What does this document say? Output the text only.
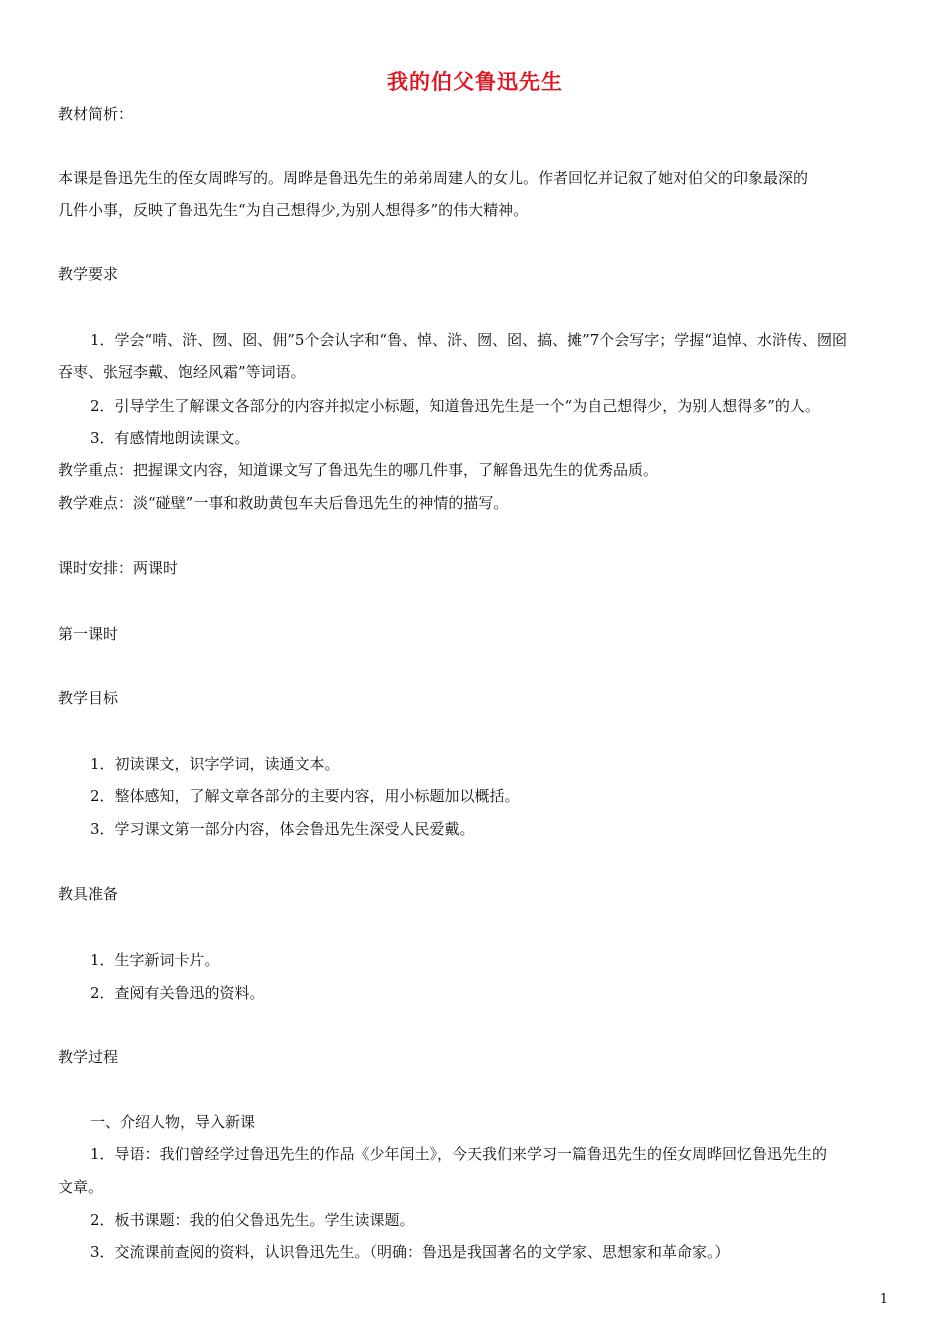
我的伯父鲁迅先生
教材简析：
本课是鲁迅先生的侄女周晔写的。周晔是鲁迅先生的弟弟周建人的女儿。作者回忆并记叙了她对伯父的印象最深的
几件小事，反映了鲁迅先生“为自己想得少,为别人想得多”的伟大精神。
教学要求
1．学会“啃、浒、囫、囵、佣”5个会认字和“鲁、悼、浒、囫、囵、搞、摊”7个会写字；学握“追悼、水浒传、囫囵
吞枣、张冠李戴、饱经风霜”等词语。
2．引导学生了解课文各部分的内容并拟定小标题，知道鲁迅先生是一个“为自己想得少，为别人想得多”的人。
3．有感情地朗读课文。
教学重点：把握课文内容，知道课文写了鲁迅先生的哪几件事，了解鲁迅先生的优秀品质。
教学难点：淡“碰壁”一事和救助黄包车夫后鲁迅先生的神情的描写。
课时安排：两课时
第一课时
教学目标
1．初读课文，识字学词，读通文本。
2．整体感知，了解文章各部分的主要内容，用小标题加以概括。
3．学习课文第一部分内容，体会鲁迅先生深受人民爱戴。
教具准备
1．生字新词卡片。
2．查阅有关鲁迅的资料。
教学过程
一、介绍人物，导入新课
1．导语：我们曾经学过鲁迅先生的作品《少年闰土》，今天我们来学习一篇鲁迅先生的侄女周晔回忆鲁迅先生的
文章。
2．板书课题：我的伯父鲁迅先生。学生读课题。
3．交流课前查阅的资料，认识鲁迅先生。（明确：鲁迅是我国著名的文学家、思想家和革命家。）
1
